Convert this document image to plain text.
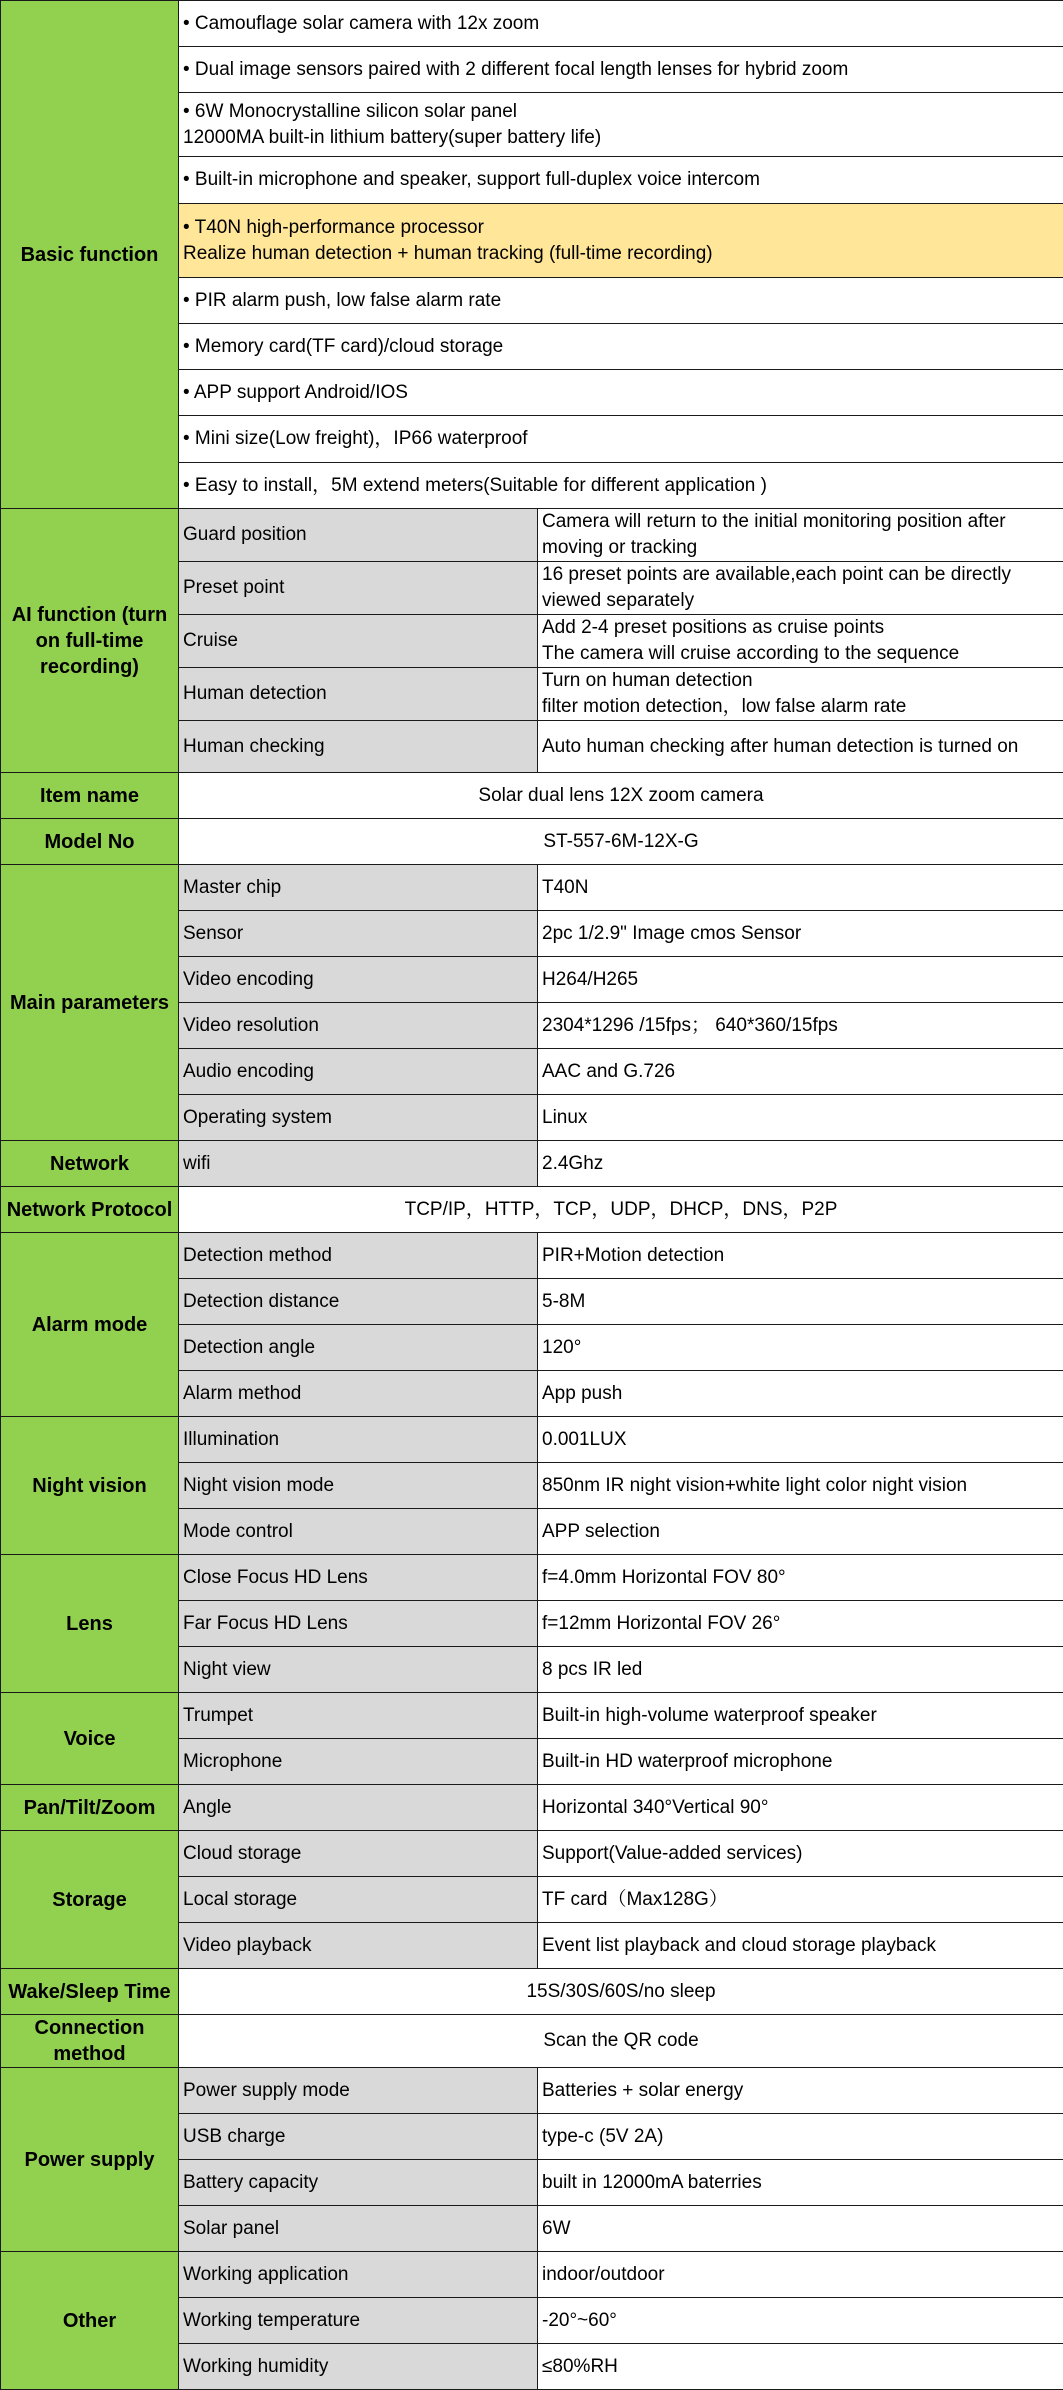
Basic function	• Camouflage solar camera with 12x zoom	

	• Dual image sensors paired with 2 different focal length lenses for hybrid zoom	

	• 6W Monocrystalline silicon solar panel
12000MA built-in lithium battery(super battery life)	

	• Built-in microphone and speaker, support full-duplex voice intercom	

	• T40N high-performance processor
Realize human detection + human tracking (full-time recording)	

	• PIR alarm push, low false alarm rate	

	• Memory card(TF card)/cloud storage	

	• APP support Android/IOS	

	• Mini size(Low freight)，IP66 waterproof	

	• Easy to install，5M extend meters(Suitable for different application )	

AI function (turn on full-time recording)	Guard position	Camera will return to the initial monitoring position after
moving or tracking

	Preset point	16 preset points are available,each point can be directly
viewed separately

	Cruise	Add 2-4 preset positions as cruise points
The camera will cruise according to the sequence

	Human detection	Turn on human detection
filter motion detection，low false alarm rate

	Human checking	Auto human checking after human detection is turned on

Item name	Solar dual lens 12X zoom camera	
Model No	ST-557-6M-12X-G	
Main parameters	Master chip	T40N
	Sensor	2pc 1/2.9" Image cmos Sensor
	Video encoding	H264/H265
	Video resolution	2304*1296 /15fps； 640*360/15fps
	Audio encoding	AAC and G.726
	Operating system	Linux
Network	wifi	2.4Ghz
Network Protocol	TCP/IP，HTTP，TCP，UDP，DHCP，DNS，P2P	
Alarm mode	Detection method	PIR+Motion detection
	Detection distance	5-8M
	Detection angle	120°
	Alarm method	App push
Night vision	Illumination	0.001LUX
	Night vision mode	850nm IR night vision+white light color night vision
	Mode control	APP selection
Lens	Close Focus HD Lens	f=4.0mm Horizontal FOV 80°
	Far Focus HD Lens	f=12mm Horizontal FOV 26°
	Night view	8 pcs IR led
Voice	Trumpet	Built-in high-volume waterproof speaker
	Microphone	Built-in HD waterproof microphone
Pan/Tilt/Zoom	Angle	Horizontal 340°Vertical 90°
Storage	Cloud storage	Support(Value-added services)
	Local storage	TF card（Max128G）
	Video playback	Event list playback and cloud storage playback
Wake/Sleep Time	15S/30S/60S/no sleep	
Connection method	Scan the QR code	
Power supply	Power supply mode	Batteries + solar energy
	USB charge	type-c (5V 2A)
	Battery capacity	built in 12000mA baterries
	Solar panel	6W
Other	Working application	indoor/outdoor
	Working temperature	-20°~60°
	Working humidity	≤80%RH
